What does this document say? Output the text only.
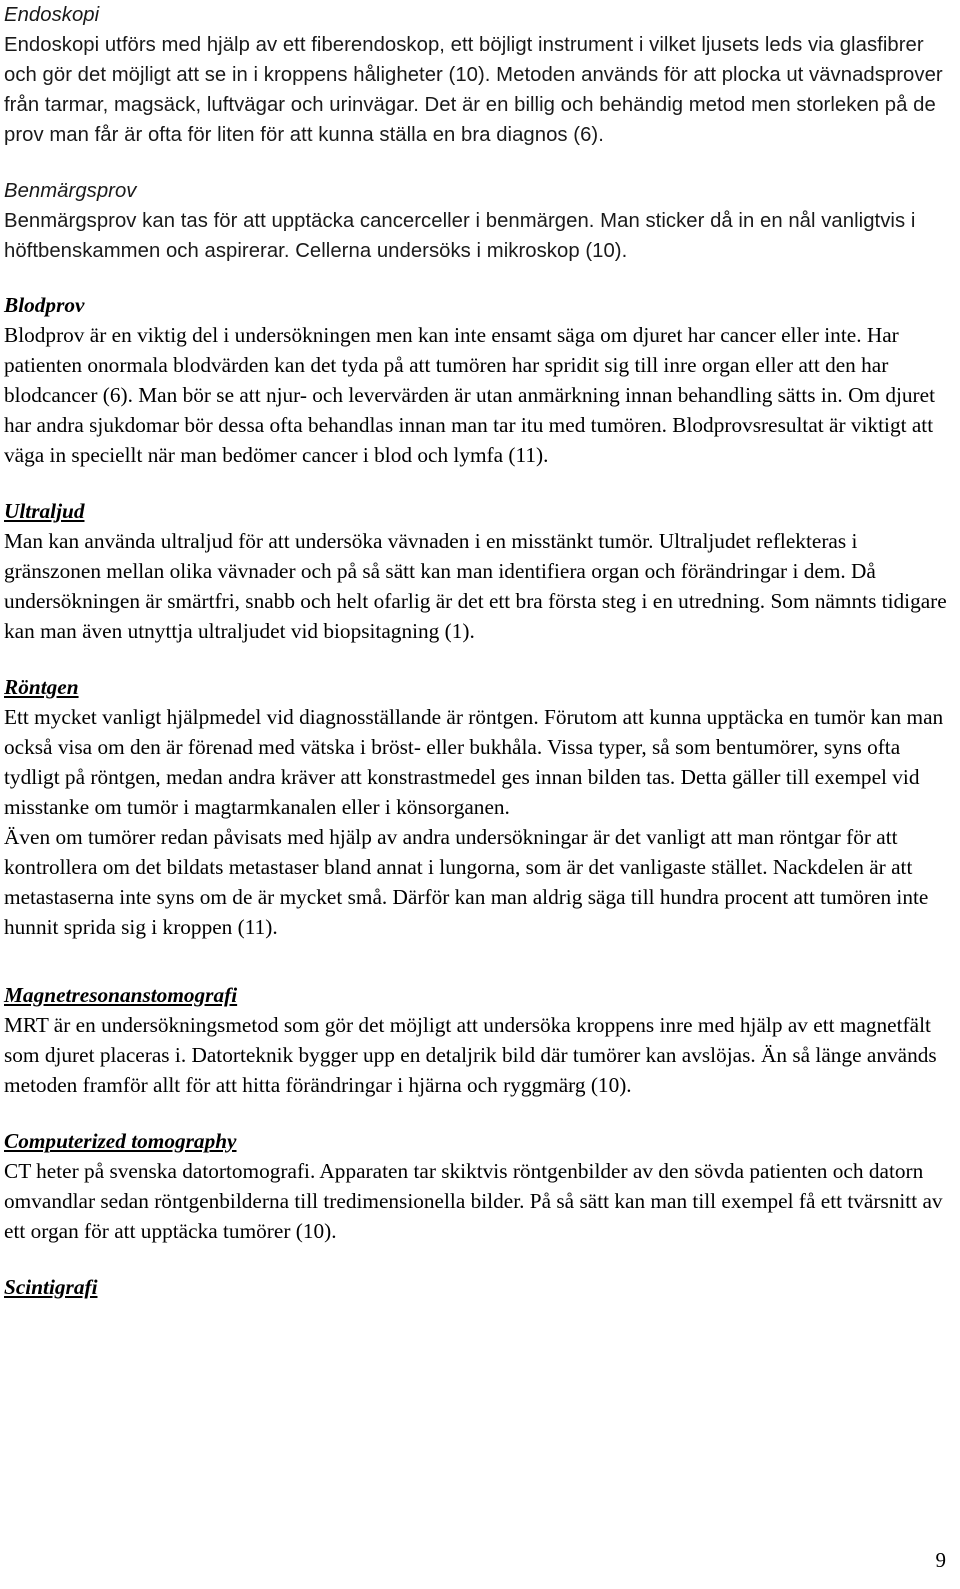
Endoskopi

Endoskopi utförs med hjälp av ett fiberendoskop, ett böjligt instrument i vilket ljusets leds via glasfibrer och gör det möjligt att se in i kroppens håligheter (10). Metoden används för att plocka ut vävnadsprover från tarmar, magsäck, luftvägar och urinvägar. Det är en billig och behändig metod men storleken på de prov man får är ofta för liten för att kunna ställa en bra diagnos (6).

Benmärgsprov

Benmärgsprov kan tas för att upptäcka cancerceller i benmärgen. Man sticker då in en nål vanligtvis i höftbenskammen och aspirerar. Cellerna undersöks i mikroskop (10).

Blodprov

Blodprov är en viktig del i undersökningen men kan inte ensamt säga om djuret har cancer eller inte. Har patienten onormala blodvärden kan det tyda på att tumören har spridit sig till inre organ eller att den har blodcancer (6). Man bör se att njur- och levervärden är utan anmärkning innan behandling sätts in. Om djuret har andra sjukdomar bör dessa ofta behandlas innan man tar itu med tumören. Blodprovsresultat är viktigt att väga in speciellt när man bedömer cancer i blod och lymfa (11).

Ultraljud

Man kan använda ultraljud för att undersöka vävnaden i en misstänkt tumör. Ultraljudet reflekteras i gränszonen mellan olika vävnader och på så sätt kan man identifiera organ och förändringar i dem. Då undersökningen är smärtfri, snabb och helt ofarlig är det ett bra första steg i en utredning. Som nämnts tidigare kan man även utnyttja ultraljudet vid biopsitagning (1).

Röntgen

Ett mycket vanligt hjälpmedel vid diagnosställande är röntgen. Förutom att kunna upptäcka en tumör kan man också visa om den är förenad med vätska i bröst- eller bukhåla. Vissa typer, så som bentumörer, syns ofta tydligt på röntgen, medan andra kräver att konstrastmedel ges innan bilden tas. Detta gäller till exempel vid misstanke om tumör i magtarmkanalen eller i könsorganen.

Även om tumörer redan påvisats med hjälp av andra undersökningar är det vanligt att man röntgar för att kontrollera om det bildats metastaser bland annat i lungorna, som är det vanligaste stället. Nackdelen är att metastaserna inte syns om de är mycket små. Därför kan man aldrig säga till hundra procent att tumören inte hunnit sprida sig i kroppen (11).

Magnetresonanstomografi

MRT är en undersökningsmetod som gör det möjligt att undersöka kroppens inre med hjälp av ett magnetfält som djuret placeras i. Datorteknik bygger upp en detaljrik bild där tumörer kan avslöjas. Än så länge används metoden framför allt för att hitta förändringar i hjärna och ryggmärg (10).

Computerized tomography

CT heter på svenska datortomografi. Apparaten tar skiktvis röntgenbilder av den sövda patienten och datorn omvandlar sedan röntgenbilderna till tredimensionella bilder. På så sätt kan man till exempel få ett tvärsnitt av ett organ för att upptäcka tumörer (10).

Scintigrafi

9
